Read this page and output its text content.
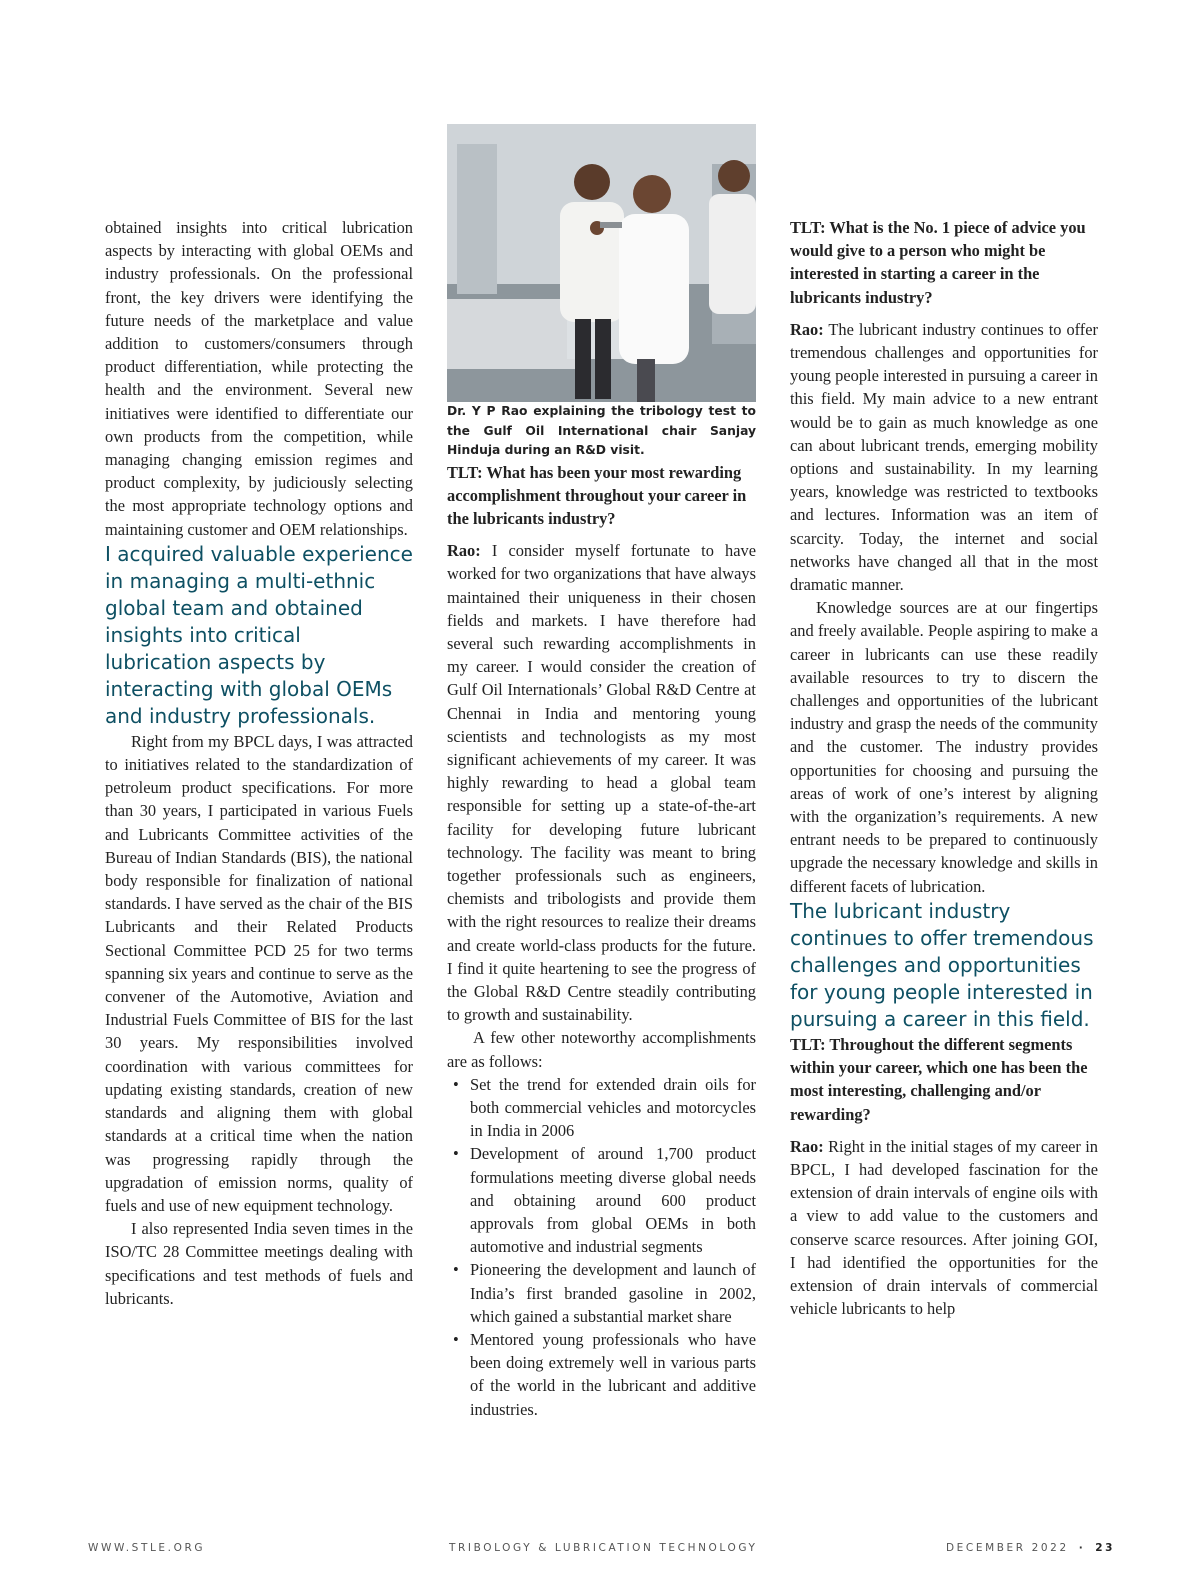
obtained insights into critical lubrication aspects by interacting with global OEMs and industry professionals. On the professional front, the key drivers were identifying the future needs of the marketplace and value addition to customers/consumers through product differentiation, while protecting the health and the environment. Several new initiatives were identified to differentiate our own products from the competition, while managing changing emission regimes and product complexity, by judiciously selecting the most appropriate technology options and maintaining customer and OEM relationships.

I acquired valuable experience in managing a multi-ethnic global team and obtained insights into critical lubrication aspects by interacting with global OEMs and industry professionals.

Right from my BPCL days, I was attracted to initiatives related to the standardization of petroleum product specifications. For more than 30 years, I participated in various Fuels and Lubricants Committee activities of the Bureau of Indian Standards (BIS), the national body responsible for finalization of national standards. I have served as the chair of the BIS Lubricants and their Related Products Sectional Committee PCD 25 for two terms spanning six years and continue to serve as the convener of the Automotive, Aviation and Industrial Fuels Committee of BIS for the last 30 years. My responsibilities involved coordination with various committees for updating existing standards, creation of new standards and aligning them with global standards at a critical time when the nation was progressing rapidly through the upgradation of emission norms, quality of fuels and use of new equipment technology.

I also represented India seven times in the ISO/TC 28 Committee meetings dealing with specifications and test methods of fuels and lubricants.

Dr. Y P Rao explaining the tribology test to the Gulf Oil International chair Sanjay Hinduja during an R&D visit.

TLT: What has been your most rewarding accomplishment throughout your career in the lubricants industry?

Rao: I consider myself fortunate to have worked for two organizations that have always maintained their uniqueness in their chosen fields and markets. I have therefore had several such rewarding accomplishments in my career. I would consider the creation of Gulf Oil Internationals’ Global R&D Centre at Chennai in India and mentoring young scientists and technologists as my most significant achievements of my career. It was highly rewarding to head a global team responsible for setting up a state-of-the-art facility for developing future lubricant technology. The facility was meant to bring together professionals such as engineers, chemists and tribologists and provide them with the right resources to realize their dreams and create world-class products for the future. I find it quite heartening to see the progress of the Global R&D Centre steadily contributing to growth and sustainability.

A few other noteworthy accomplishments are as follows:

• Set the trend for extended drain oils for both commercial vehicles and motorcycles in India in 2006
• Development of around 1,700 product formulations meeting diverse global needs and obtaining around 600 product approvals from global OEMs in both automotive and industrial segments
• Pioneering the development and launch of India’s first branded gasoline in 2002, which gained a substantial market share
• Mentored young professionals who have been doing extremely well in various parts of the world in the lubricant and additive industries.

TLT: What is the No. 1 piece of advice you would give to a person who might be interested in starting a career in the lubricants industry?

Rao: The lubricant industry continues to offer tremendous challenges and opportunities for young people interested in pursuing a career in this field. My main advice to a new entrant would be to gain as much knowledge as one can about lubricant trends, emerging mobility options and sustainability. In my learning years, knowledge was restricted to textbooks and lectures. Information was an item of scarcity. Today, the internet and social networks have changed all that in the most dramatic manner.

Knowledge sources are at our fingertips and freely available. People aspiring to make a career in lubricants can use these readily available resources to try to discern the challenges and opportunities of the lubricant industry and grasp the needs of the community and the customer. The industry provides opportunities for choosing and pursuing the areas of work of one’s interest by aligning with the organization’s requirements. A new entrant needs to be prepared to continuously upgrade the necessary knowledge and skills in different facets of lubrication.

The lubricant industry continues to offer tremendous challenges and opportunities for young people interested in pursuing a career in this field.

TLT: Throughout the different segments within your career, which one has been the most interesting, challenging and/or rewarding?

Rao: Right in the initial stages of my career in BPCL, I had developed fascination for the extension of drain intervals of engine oils with a view to add value to the customers and conserve scarce resources. After joining GOI, I had identified the opportunities for the extension of drain intervals of commercial vehicle lubricants to help

WWW.STLE.ORG	TRIBOLOGY & LUBRICATION TECHNOLOGY	DECEMBER 2022 · 23
